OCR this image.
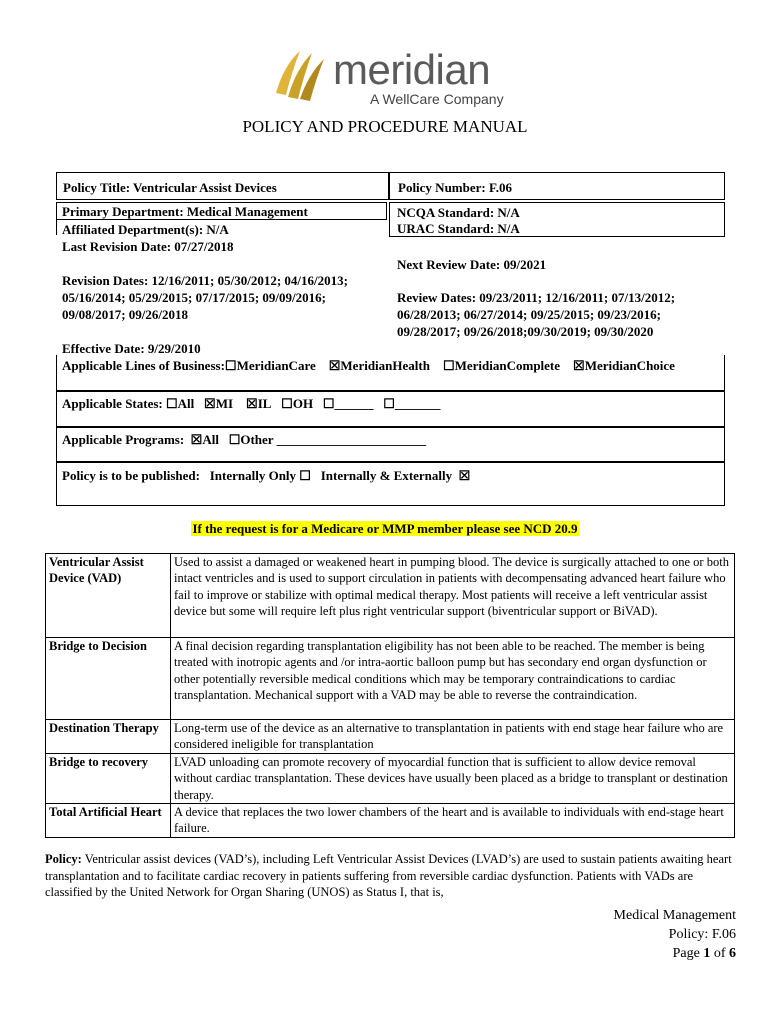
meridian
A WellCare Company
POLICY AND PROCEDURE MANUAL
Policy Title: Ventricular Assist Devices	Policy Number: F.06
Primary Department: Medical Management
Affiliated Department(s): N/A
Last Revision Date: 07/27/2018
NCQA Standard: N/A
URAC Standard: N/A
Next Review Date: 09/2021
Revision Dates: 12/16/2011; 05/30/2012; 04/16/2013;
05/16/2014; 05/29/2015; 07/17/2015; 09/09/2016;
09/08/2017; 09/26/2018
Review Dates: 09/23/2011; 12/16/2011; 07/13/2012;
06/28/2013; 06/27/2014; 09/25/2015; 09/23/2016;
09/28/2017; 09/26/2018;09/30/2019; 09/30/2020
Effective Date: 9/29/2010
Applicable Lines of Business:☐MeridianCare ☒MeridianHealth ☐MeridianComplete ☒MeridianChoice
Applicable States: ☐All ☒MI ☒IL ☐OH ☐______ ☐_______
Applicable Programs: ☒All ☐Other _______________________
Policy is to be published: Internally Only ☐ Internally & Externally ☒
If the request is for a Medicare or MMP member please see NCD 20.9
Ventricular Assist Device (VAD)	Used to assist a damaged or weakened heart in pumping blood. The device is surgically attached to one or both intact ventricles and is used to support circulation in patients with decompensating advanced heart failure who fail to improve or stabilize with optimal medical therapy. Most patients will receive a left ventricular assist device but some will require left plus right ventricular support (biventricular support or BiVAD).
Bridge to Decision	A final decision regarding transplantation eligibility has not been able to be reached. The member is being treated with inotropic agents and /or intra-aortic balloon pump but has secondary end organ dysfunction or other potentially reversible medical conditions which may be temporary contraindications to cardiac transplantation. Mechanical support with a VAD may be able to reverse the contraindication.
Destination Therapy	Long-term use of the device as an alternative to transplantation in patients with end stage hear failure who are considered ineligible for transplantation
Bridge to recovery	LVAD unloading can promote recovery of myocardial function that is sufficient to allow device removal without cardiac transplantation. These devices have usually been placed as a bridge to transplant or destination therapy.
Total Artificial Heart	A device that replaces the two lower chambers of the heart and is available to individuals with end-stage heart failure.
Policy: Ventricular assist devices (VAD’s), including Left Ventricular Assist Devices (LVAD’s) are used to sustain patients awaiting heart transplantation and to facilitate cardiac recovery in patients suffering from reversible cardiac dysfunction. Patients with VADs are classified by the United Network for Organ Sharing (UNOS) as Status I, that is,
Medical Management
Policy: F.06
Page 1 of 6
